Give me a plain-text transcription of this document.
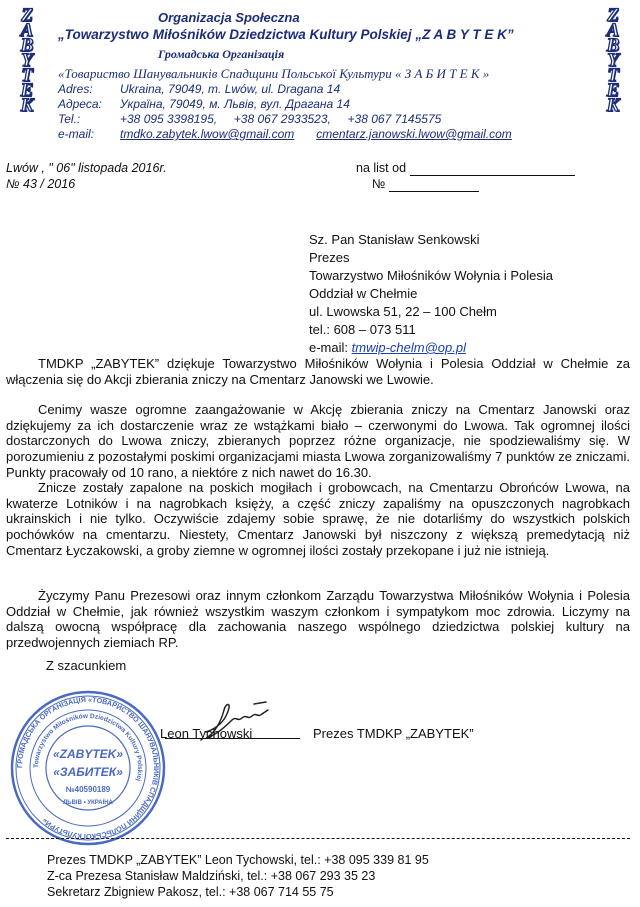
Z
A
B
Y
T
E
K
Z
A
B
Y
T
E
K
Organizacja Społeczna
„Towarzystwo Miłośników Dziedzictwa Kultury Polskiej „Z A B Y T E K”
Громадська Організація
«Товариство Шанувальників Спадщини Польської Культури « З А Б И Т Е К »
Adres: Ukraina, 79049, m. Lwów, ul. Dragana 14
Адреса: Україна, 79049, м. Львів, вул. Драгана 14
Tel.:	+38 095 3398195,     +38 067 2933523,     +38 067 7145575
e-mail: tmdko.zabytek.lwow@gmail.com cmentarz.janowski.lwow@gmail.com
Lwów , " 06" listopada 2016r.
№ 43 / 2016
na list od
№
Sz. Pan Stanisław Senkowski
Prezes
Towarzystwo Miłośników Wołynia i Polesia
Oddział w Chełmie
ul. Lwowska 51, 22 – 100 Chełm
tel.: 608 – 073 511
e-mail: tmwip-chelm@op.pl

TMDKP „ZABYTEK” dziękuje Towarzystwo Miłośników Wołynia i Polesia Oddział w Chełmie za włączenia się do Akcji zbierania zniczy na Cmentarz Janowski we Lwowie.

Cenimy wasze ogromne zaangażowanie w Akcję zbierania zniczy na Cmentarz Janowski oraz dziękujemy za ich dostarczenie wraz ze wstążkami biało – czerwonymi do Lwowa. Tak ogromnej ilości dostarczonych do Lwowa zniczy, zbieranych poprzez różne organizacje, nie spodziewaliśmy się. W porozumieniu z pozostałymi poskimi organizacjami miasta Lwowa zorganizowaliśmy 7 punktów ze zniczami. Punkty pracowały od 10 rano, a niektóre z nich nawet do 16.30.

Znicze zostały zapalone na poskich mogiłach i grobowcach, na Cmentarzu Obrońców Lwowa, na kwaterze Lotników i na nagrobkach księży, a część zniczy zapaliśmy na opuszczonych nagrobkach ukrainskich i nie tylko. Oczywiście zdajemy sobie sprawę, że nie dotarliśmy do wszystkich polskich pochówków na cmentarzu. Niestety, Cmentarz Janowski był niszczony z większą premedytacją niż Cmentarz Łyczakowski, a groby ziemne w ogromnej ilości zostały przekopane i już nie istnieją.

Życzymy Panu Prezesowi oraz innym członkom Zarządu Towarzystwa Miłośników Wołynia i Polesia Oddział w Chełmie, jak również wszystkim waszym członkom i sympatykom moc zdrowia. Liczymy na dalszą owocną współpracę dla zachowania naszego wspólnego dziedzictwa polskiej kultury na przedwojennych ziemiach RP.

Z szacunkiem
ГРОМАДСЬКА ОРГАНІЗАЦІЯ «ТОВАРИСТВО ШАНУВАЛЬНИКІВ СПАДЩИНИ ПОЛЬСЬКОЇ КУЛЬТУРИ»
Towarzystwo Miłośników Dziedzictwa Kultury Polskiej
«ZABYTEK»
«ЗАБИТЕК»
№40590189
ЛЬВІВ • УКРАЇНА
Leon Tychowski	Prezes TMDKP „ZABYTEK”
Prezes TMDKP „ZABYTEK” Leon Tychowski, tel.: +38 095 339 81 95
Z-ca Prezesa Stanisław Maldziński, tel.: +38 067 293 35 23
Sekretarz Zbigniew Pakosz, tel.: +38 067 714 55 75
